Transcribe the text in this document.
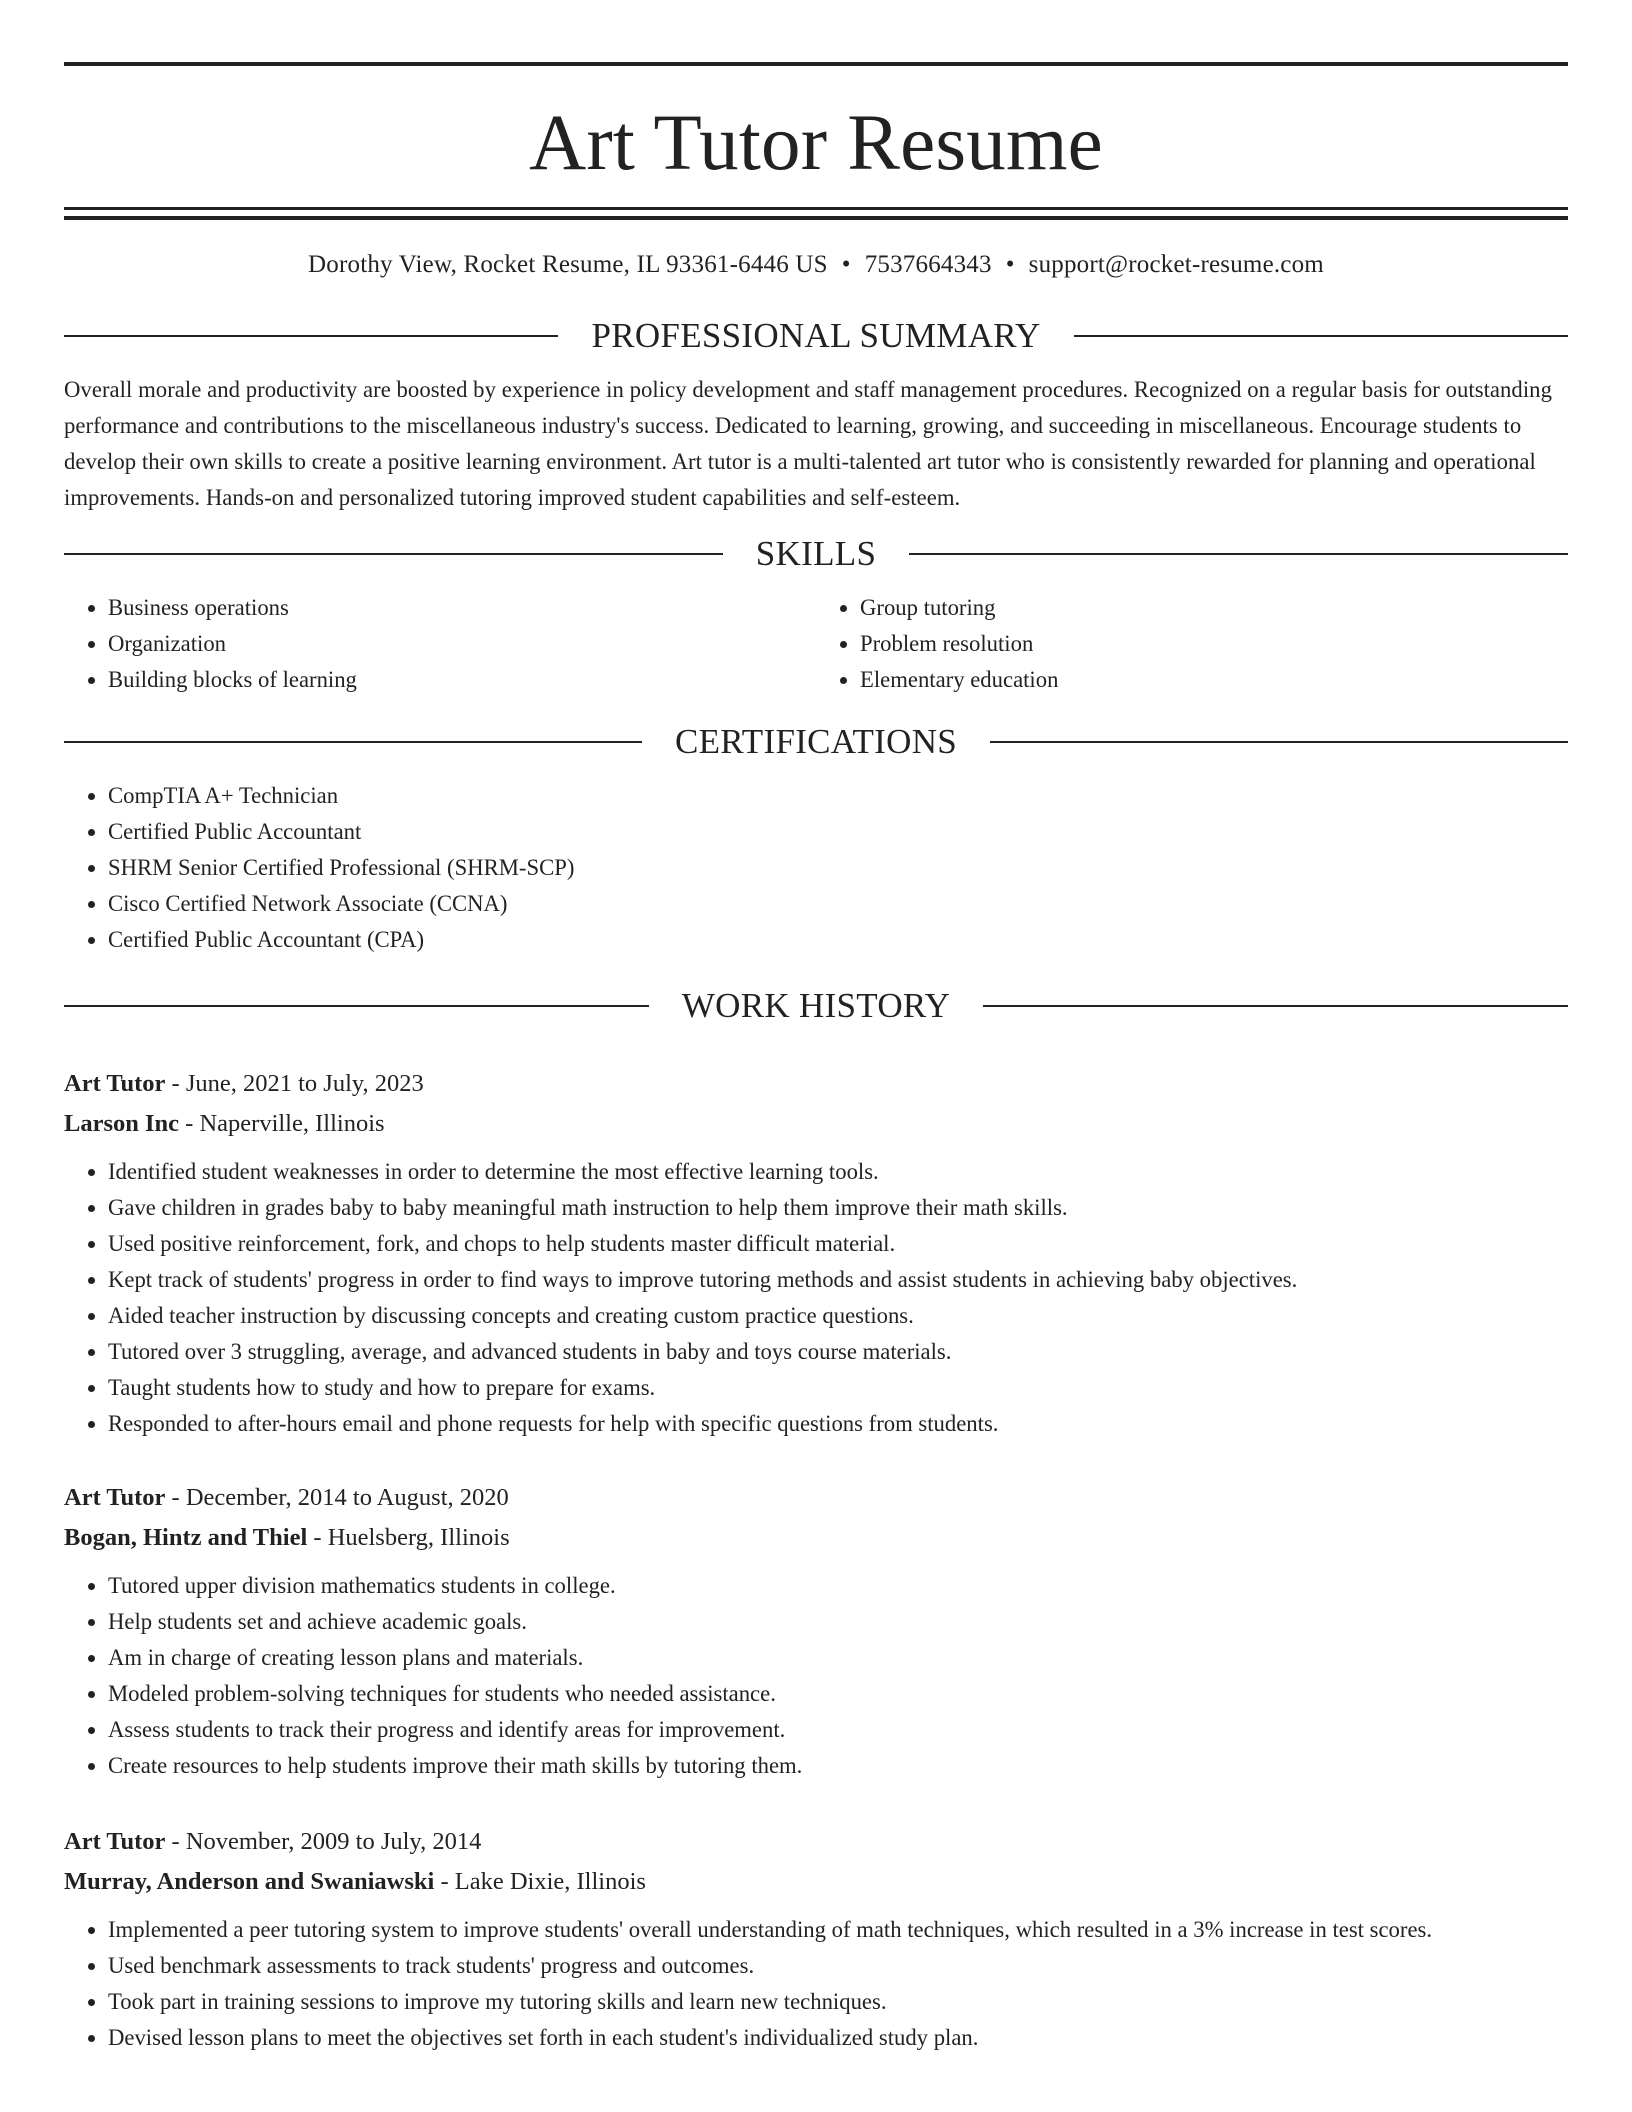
Art Tutor Resume
Dorothy View, Rocket Resume, IL 93361-6446 US • 7537664343 • support@rocket-resume.com
PROFESSIONAL SUMMARY

Overall morale and productivity are boosted by experience in policy development and staff management procedures. Recognized on a regular basis for outstanding performance and contributions to the miscellaneous industry's success. Dedicated to learning, growing, and succeeding in miscellaneous. Encourage students to develop their own skills to create a positive learning environment. Art tutor is a multi-talented art tutor who is consistently rewarded for planning and operational improvements. Hands-on and personalized tutoring improved student capabilities and self-esteem.

SKILLS
• Business operations
• Organization
• Building blocks of learning
• Group tutoring
• Problem resolution
• Elementary education
CERTIFICATIONS
• CompTIA A+ Technician
• Certified Public Accountant
• SHRM Senior Certified Professional (SHRM-SCP)
• Cisco Certified Network Associate (CCNA)
• Certified Public Accountant (CPA)
WORK HISTORY
Art Tutor - June, 2021 to July, 2023
Larson Inc - Naperville, Illinois
• Identified student weaknesses in order to determine the most effective learning tools.
• Gave children in grades baby to baby meaningful math instruction to help them improve their math skills.
• Used positive reinforcement, fork, and chops to help students master difficult material.
• Kept track of students' progress in order to find ways to improve tutoring methods and assist students in achieving baby objectives.
• Aided teacher instruction by discussing concepts and creating custom practice questions.
• Tutored over 3 struggling, average, and advanced students in baby and toys course materials.
• Taught students how to study and how to prepare for exams.
• Responded to after-hours email and phone requests for help with specific questions from students.
Art Tutor - December, 2014 to August, 2020
Bogan, Hintz and Thiel - Huelsberg, Illinois
• Tutored upper division mathematics students in college.
• Help students set and achieve academic goals.
• Am in charge of creating lesson plans and materials.
• Modeled problem-solving techniques for students who needed assistance.
• Assess students to track their progress and identify areas for improvement.
• Create resources to help students improve their math skills by tutoring them.
Art Tutor - November, 2009 to July, 2014
Murray, Anderson and Swaniawski - Lake Dixie, Illinois
• Implemented a peer tutoring system to improve students' overall understanding of math techniques, which resulted in a 3% increase in test scores.
• Used benchmark assessments to track students' progress and outcomes.
• Took part in training sessions to improve my tutoring skills and learn new techniques.
• Devised lesson plans to meet the objectives set forth in each student's individualized study plan.
